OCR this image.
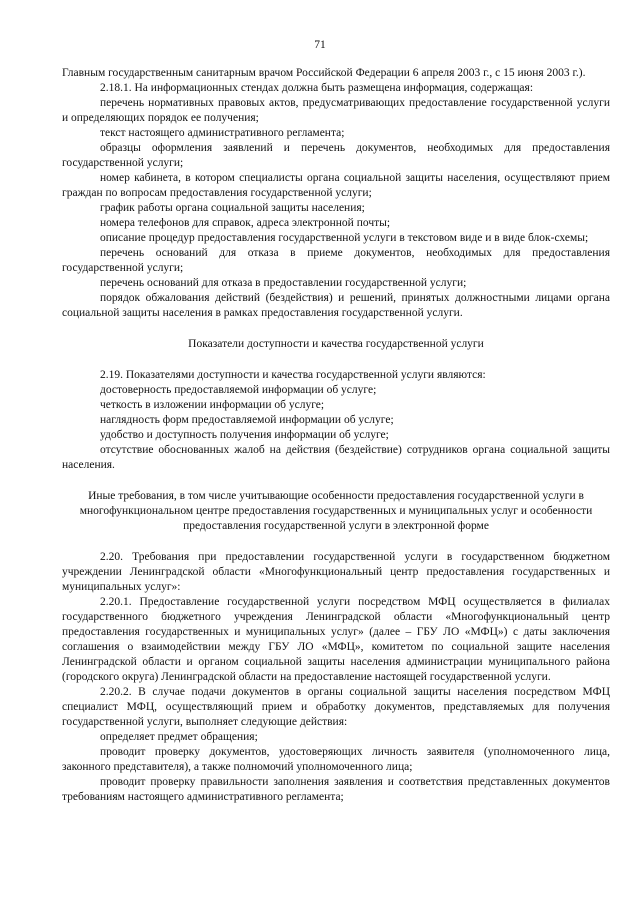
71

Главным государственным санитарным врачом Российской Федерации 6 апреля 2003 г., с 15 июня 2003 г.).

2.18.1. На информационных стендах должна быть размещена информация, содержащая:

перечень нормативных правовых актов, предусматривающих предоставление государственной услуги и определяющих порядок ее получения;

текст настоящего административного регламента;

образцы оформления заявлений и перечень документов, необходимых для предоставления государственной услуги;

номер кабинета, в котором специалисты органа социальной защиты населения, осуществляют прием граждан по вопросам предоставления государственной услуги;

график работы органа социальной защиты населения;

номера телефонов для справок, адреса электронной почты;

описание процедур предоставления государственной услуги в текстовом виде и в виде блок-схемы;

перечень оснований для отказа в приеме документов, необходимых для предоставления государственной услуги;

перечень оснований для отказа в предоставлении государственной услуги;

порядок обжалования действий (бездействия) и решений, принятых должностными лицами органа социальной защиты населения в рамках предоставления государственной услуги.

Показатели доступности и качества государственной услуги

2.19. Показателями доступности и качества государственной услуги являются:

достоверность предоставляемой информации об услуге;

четкость в изложении информации об услуге;

наглядность форм предоставляемой информации об услуге;

удобство и доступность получения информации об услуге;

отсутствие обоснованных жалоб на действия (бездействие) сотрудников органа социальной защиты населения.

Иные требования, в том числе учитывающие особенности предоставления государственной услуги в многофункциональном центре предоставления государственных и муниципальных услуг и особенности предоставления государственной услуги в электронной форме

2.20. Требования при предоставлении государственной услуги в государственном бюджетном учреждении Ленинградской области «Многофункциональный центр предоставления государственных и муниципальных услуг»:

2.20.1. Предоставление государственной услуги посредством МФЦ осуществляется в филиалах государственного бюджетного учреждения Ленинградской области «Многофункциональный центр предоставления государственных и муниципальных услуг» (далее – ГБУ ЛО «МФЦ») с даты заключения соглашения о взаимодействии между ГБУ ЛО «МФЦ», комитетом по социальной защите населения Ленинградской области и органом социальной защиты населения администрации муниципального района (городского округа) Ленинградской области на предоставление настоящей государственной услуги.

2.20.2. В случае подачи документов в органы социальной защиты населения посредством МФЦ специалист МФЦ, осуществляющий прием и обработку документов, представляемых для получения государственной услуги, выполняет следующие действия:

определяет предмет обращения;

проводит проверку документов, удостоверяющих личность заявителя (уполномоченного лица, законного представителя), а также полномочий уполномоченного лица;

проводит проверку правильности заполнения заявления и соответствия представленных документов требованиям настоящего административного регламента;
